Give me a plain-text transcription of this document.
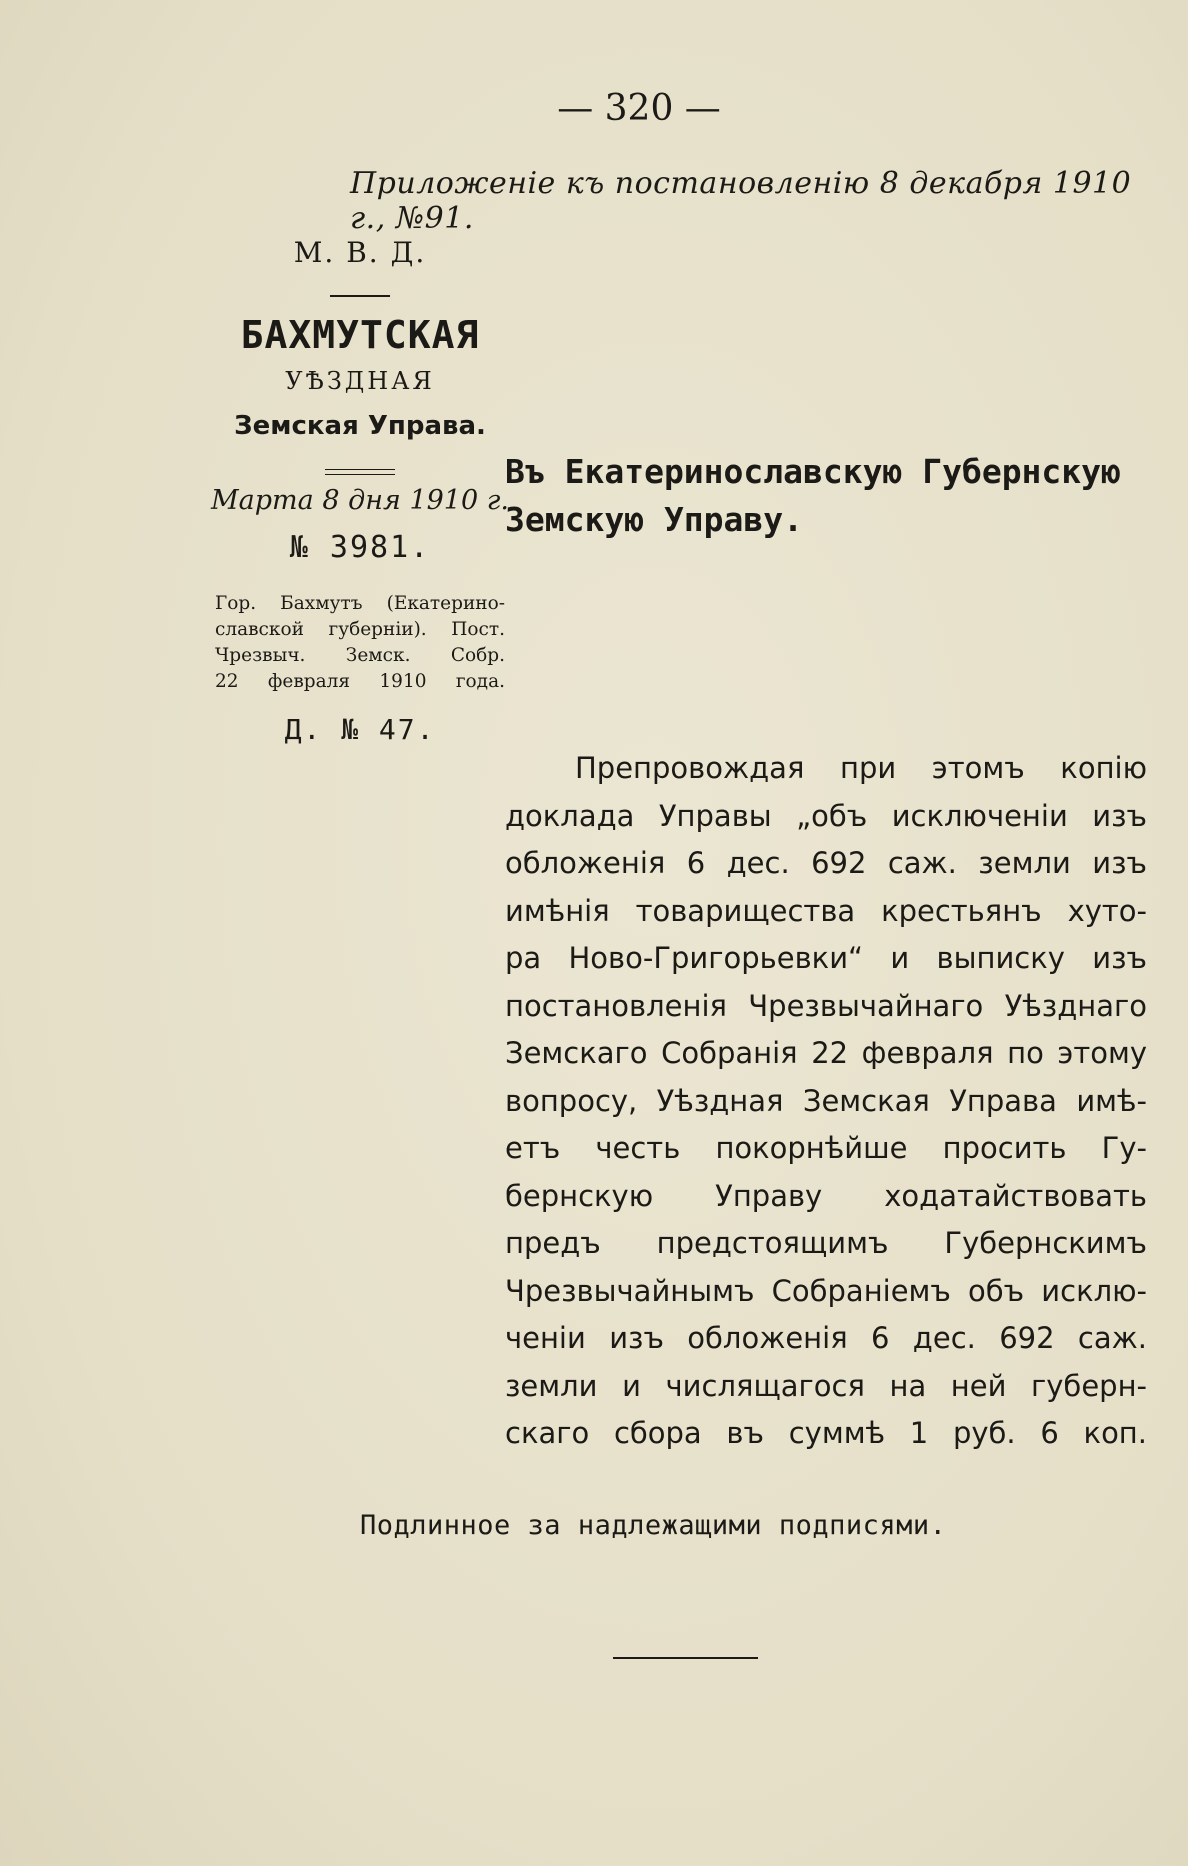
— 320 —
Приложенiе къ постановленiю 8 декабря 1910 г., №91.
М. В. Д.
БАХМУТСКАЯ
УѢЗДНАЯ
Земская Управа.
Марта 8 дня 1910 г.
№ 3981.
Гор. Бахмутъ (Екатерино-
славской губернiи). Пост.
Чрезвыч. Земск. Собр.
22 февраля 1910 года.
Д. № 47.
Въ Екатеринославскую Губернскую
Земскую Управу.
Препровождая при этомъ копiю
доклада Управы „объ исключенiи изъ
обложенiя 6 дес. 692 саж. земли изъ
имѣнiя товарищества крестьянъ хуто-
ра Ново-Григорьевки“ и выписку изъ
постановленiя Чрезвычайнаго Уѣзднаго
Земскаго Собранiя 22 февраля по этому
вопросу, Уѣздная Земская Управа имѣ-
етъ честь покорнѣйше просить Гу-
бернскую Управу ходатайствовать
предъ предстоящимъ Губернскимъ
Чрезвычайнымъ Собранiемъ объ исклю-
ченiи изъ обложенiя 6 дес. 692 саж.
земли и числящагося на ней губерн-
скаго сбора въ суммѣ 1 руб. 6 коп.
Подлинное за надлежащими подписями.
